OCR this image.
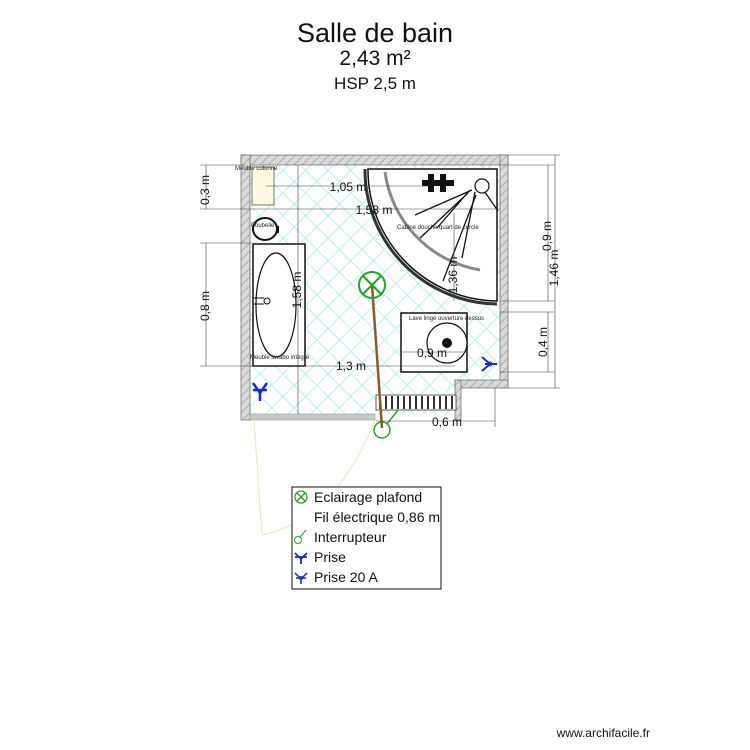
Salle de bain
2,43 m²
HSP 2,5 m
Meuble colonne
Poubelle
Meuble lavabo intégré
Cabine douche quart de cercle
Lave linge ouverture dessus
0,3 m	1,05 m
1,58 m
0,8 m	1,58 m	1,36 m
0,9 m
1,46 m
0,4 m
0,9 m
1,3 m
0,6 m
Eclairage plafond
Fil électrique 0,86 m
Interrupteur
Prise
Prise 20 A
www.archifacile.fr
